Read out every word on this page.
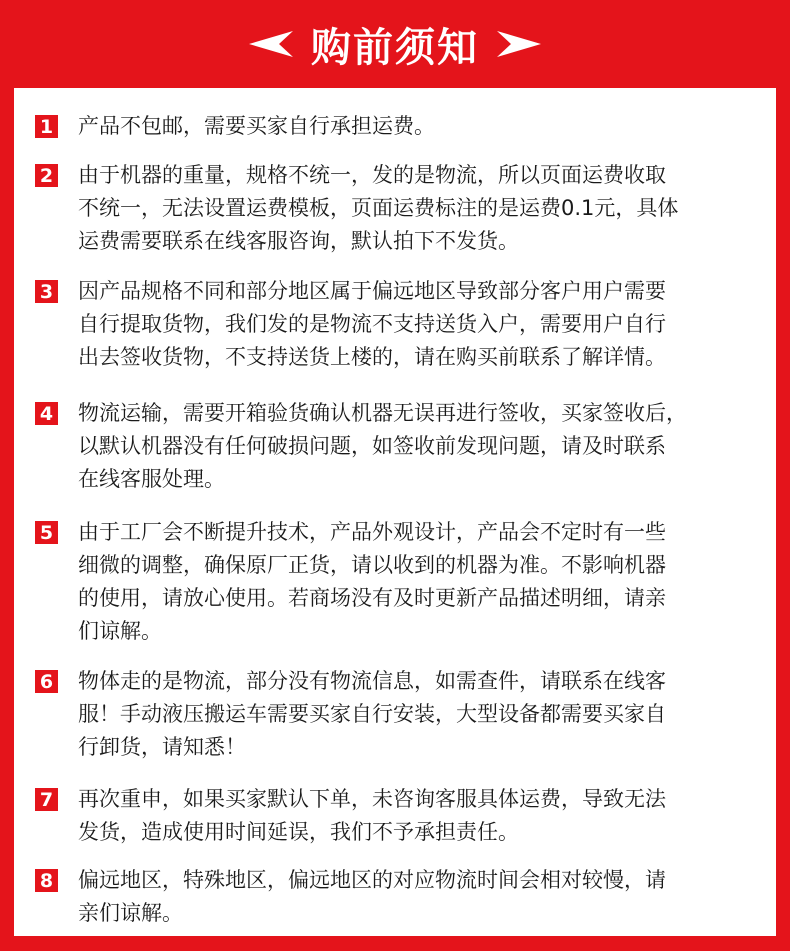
购前须知
1 产品不包邮，需要买家自行承担运费。
2 由于机器的重量，规格不统一，发的是物流，所以页面运费收取
不统一，无法设置运费模板，页面运费标注的是运费0.1元，具体
运费需要联系在线客服咨询，默认拍下不发货。
3 因产品规格不同和部分地区属于偏远地区导致部分客户用户需要
自行提取货物，我们发的是物流不支持送货入户，需要用户自行
出去签收货物，不支持送货上楼的，请在购买前联系了解详情。
4 物流运输，需要开箱验货确认机器无误再进行签收，买家签收后，
以默认机器没有任何破损问题，如签收前发现问题，请及时联系
在线客服处理。
5 由于工厂会不断提升技术，产品外观设计，产品会不定时有一些
细微的调整，确保原厂正货，请以收到的机器为准。不影响机器
的使用，请放心使用。若商场没有及时更新产品描述明细，请亲
们谅解。
6 物体走的是物流，部分没有物流信息，如需查件，请联系在线客
服！手动液压搬运车需要买家自行安装，大型设备都需要买家自
行卸货，请知悉！
7 再次重申，如果买家默认下单，未咨询客服具体运费，导致无法
发货，造成使用时间延误，我们不予承担责任。
8 偏远地区，特殊地区，偏远地区的对应物流时间会相对较慢，请
亲们谅解。
